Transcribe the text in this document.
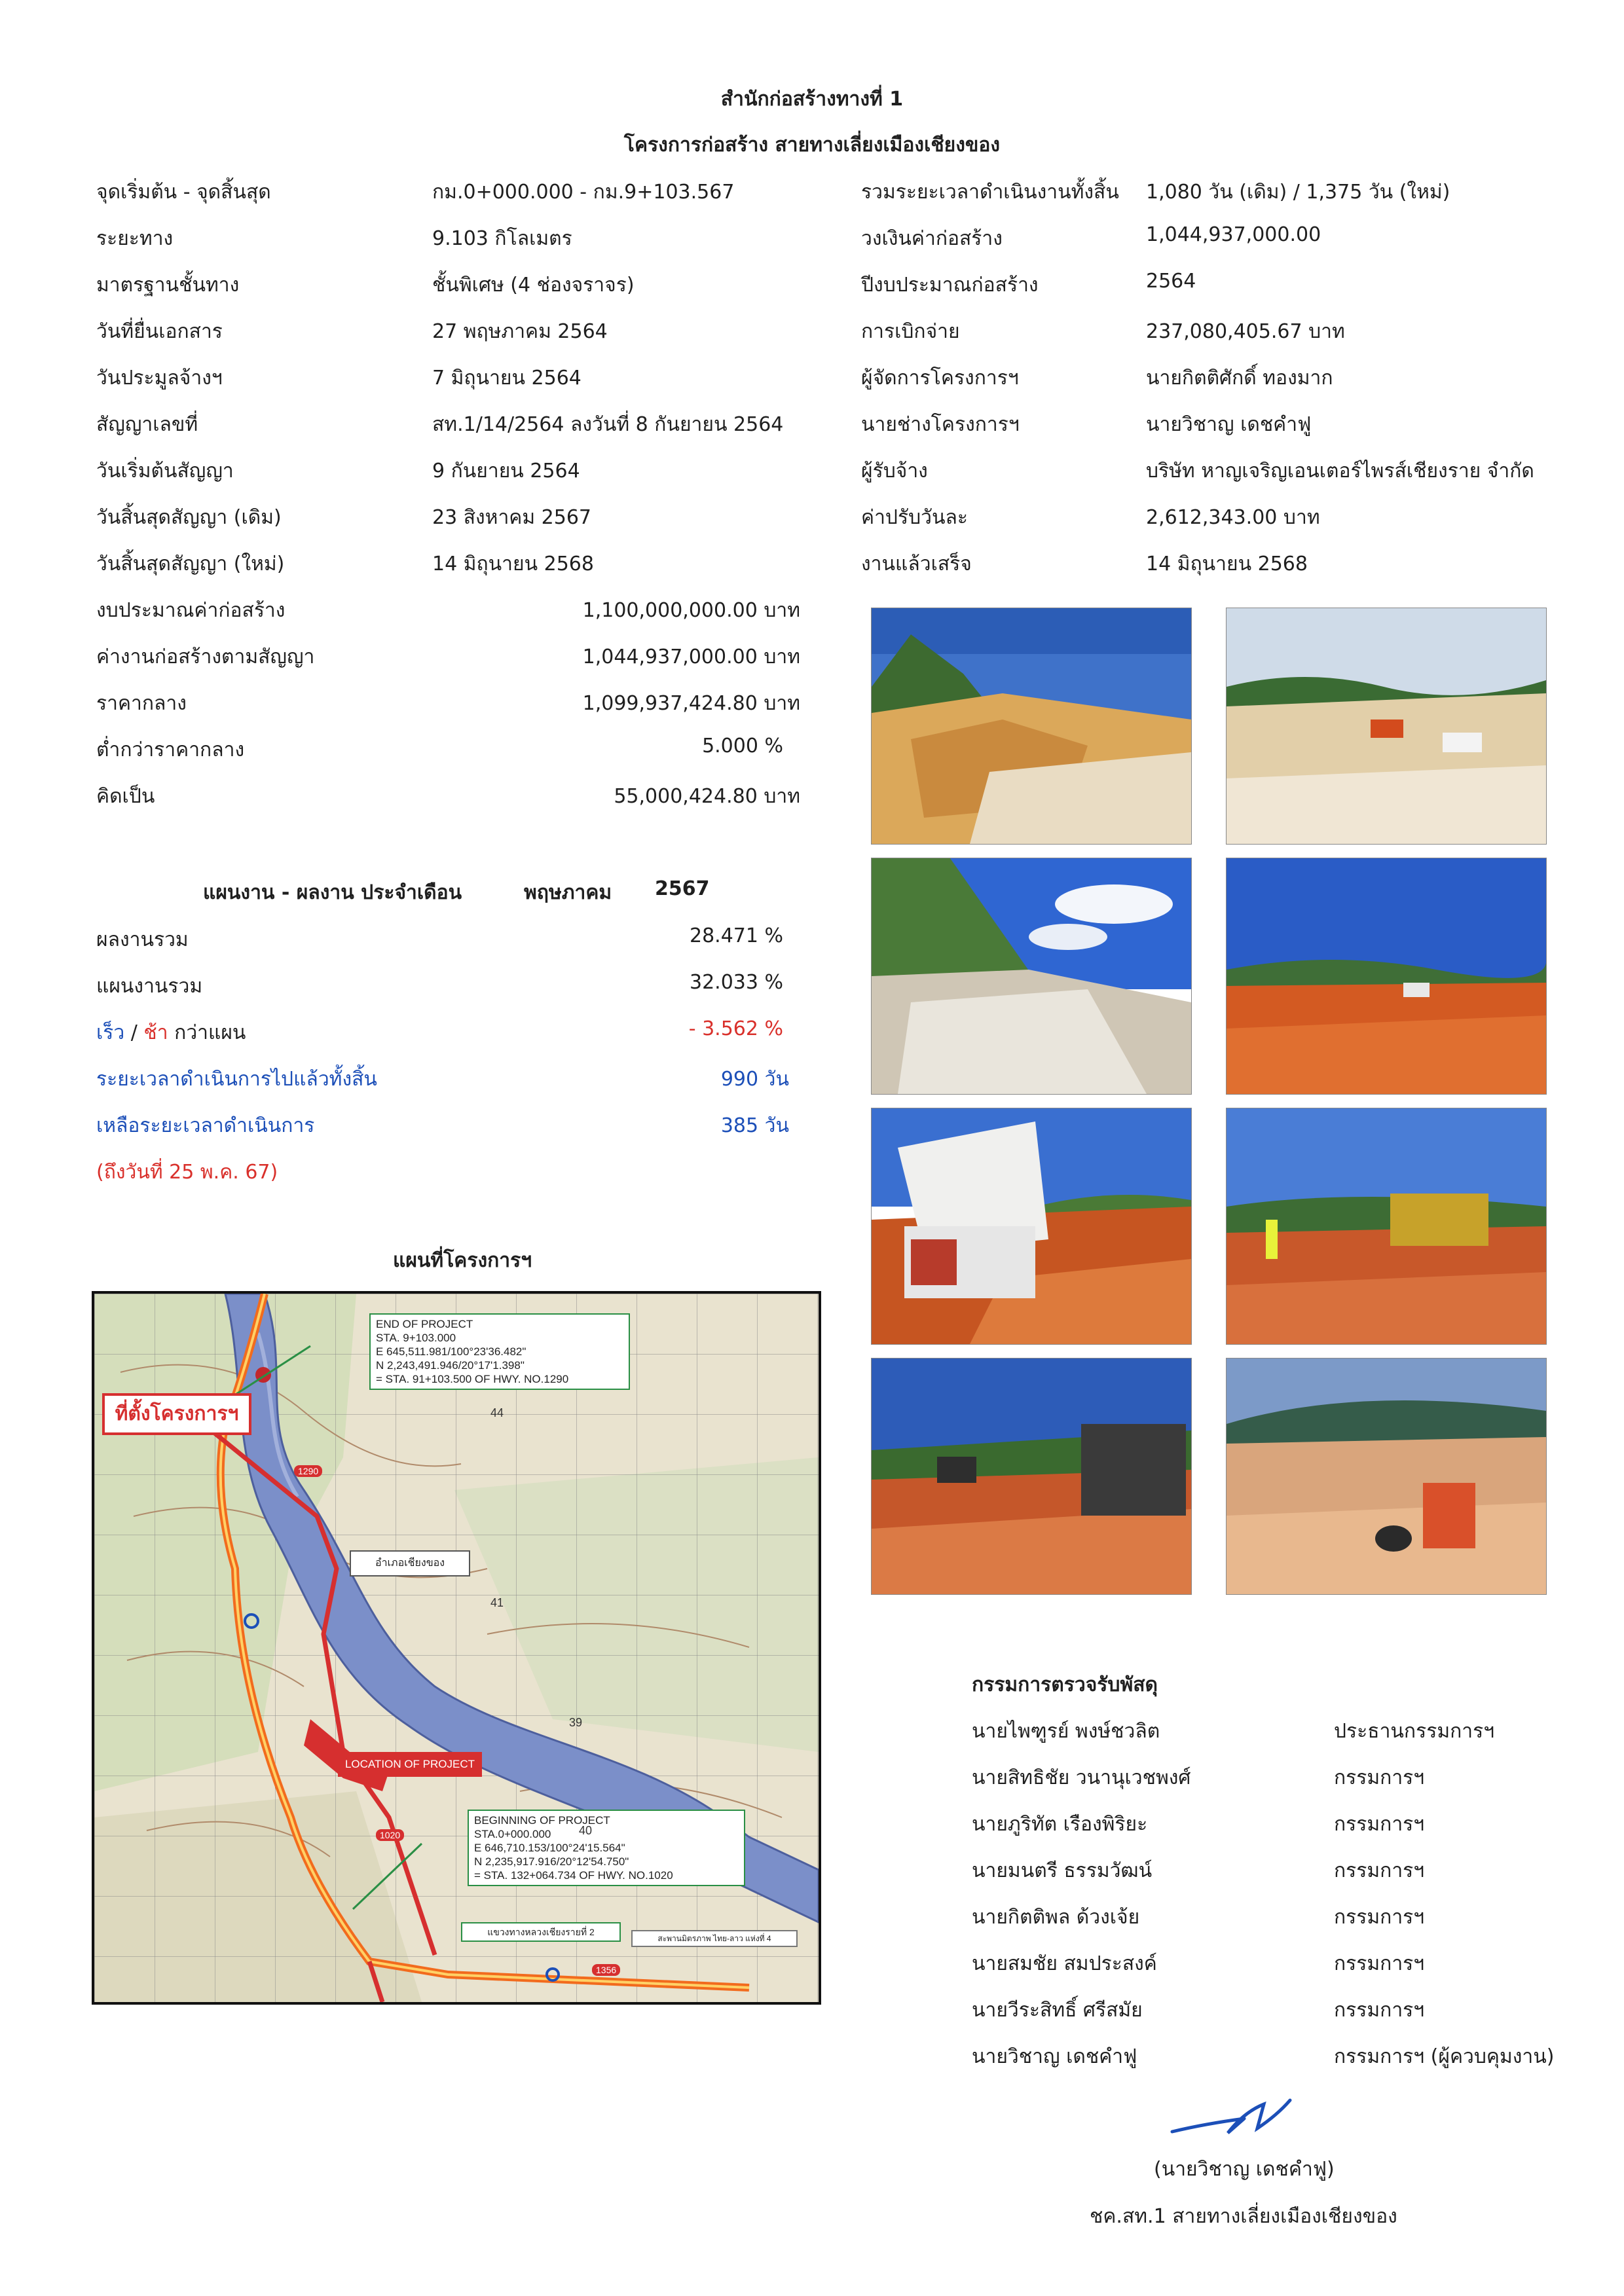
สำนักก่อสร้างทางที่ 1
โครงการก่อสร้าง สายทางเลี่ยงเมืองเชียงของ
จุดเริ่มต้น - จุดสิ้นสุด	กม.0+000.000 - กม.9+103.567
ระยะทาง	9.103 กิโลเมตร
มาตรฐานชั้นทาง	ชั้นพิเศษ (4 ช่องจราจร)
วันที่ยื่นเอกสาร	27 พฤษภาคม 2564
วันประมูลจ้างฯ	7 มิถุนายน 2564
สัญญาเลขที่	สท.1/14/2564 ลงวันที่ 8 กันยายน 2564
วันเริ่มต้นสัญญา	9 กันยายน 2564
วันสิ้นสุดสัญญา (เดิม)	23 สิงหาคม 2567
วันสิ้นสุดสัญญา (ใหม่)	14 มิถุนายน 2568
รวมระยะเวลาดำเนินงานทั้งสิ้น 1,080 วัน (เดิม) / 1,375 วัน (ใหม่)
วงเงินค่าก่อสร้าง	1,044,937,000.00
ปีงบประมาณก่อสร้าง	2564
การเบิกจ่าย	237,080,405.67 บาท
ผู้จัดการโครงการฯ	นายกิตติศักดิ์ ทองมาก
นายช่างโครงการฯ	นายวิชาญ เดชคำฟู
ผู้รับจ้าง	บริษัท หาญเจริญเอนเตอร์ไพรส์เชียงราย จำกัด
ค่าปรับวันละ	2,612,343.00 บาท
งานแล้วเสร็จ	14 มิถุนายน 2568
งบประมาณค่าก่อสร้าง	1,100,000,000.00 บาท
ค่างานก่อสร้างตามสัญญา	1,044,937,000.00 บาท
ราคากลาง	1,099,937,424.80 บาท
ต่ำกว่าราคากลาง	5.000 %
คิดเป็น	55,000,424.80 บาท
แผนงาน - ผลงาน ประจำเดือน	พฤษภาคม 2567
ผลงานรวม	28.471 %
แผนงานรวม	32.033 %
เร็ว / ช้า กว่าแผน	- 3.562 %
ระยะเวลาดำเนินการไปแล้วทั้งสิ้น	990 วัน
เหลือระยะเวลาดำเนินการ	385 วัน
(ถึงวันที่ 25 พ.ค. 67)
แผนที่โครงการฯ
END OF PROJECT
STA. 9+103.000
E 645,511.981/100°23'36.482"
N 2,243,491.946/20°17'1.398"
= STA. 91+103.500 OF HWY. NO.1290
ที่ตั้งโครงการฯ
อำเภอเชียงของ
LOCATION OF PROJECT
BEGINNING OF PROJECT
STA.0+000.000
E 646,710.153/100°24'15.564"
N 2,235,917.916/20°12'54.750"
= STA. 132+064.734 OF HWY. NO.1020
แขวงทางหลวงเชียงรายที่ 2
สะพานมิตรภาพ ไทย-ลาว แห่งที่ 4
1290
1020
1356
44
41
39
40
กรรมการตรวจรับพัสดุ
นายไพฑูรย์ พงษ์ชวลิต	ประธานกรรมการฯ
นายสิทธิชัย วนานุเวชพงศ์	กรรมการฯ
นายภูริทัต เรืองพิริยะ	กรรมการฯ
นายมนตรี ธรรมวัฒน์	กรรมการฯ
นายกิตติพล ด้วงเจ้ย	กรรมการฯ
นายสมชัย สมประสงค์	กรรมการฯ
นายวีระสิทธิ์ ศรีสมัย	กรรมการฯ
นายวิชาญ เดชคำฟู	กรรมการฯ (ผู้ควบคุมงาน)
(นายวิชาญ เดชคำฟู)
ชค.สท.1 สายทางเลี่ยงเมืองเชียงของ
